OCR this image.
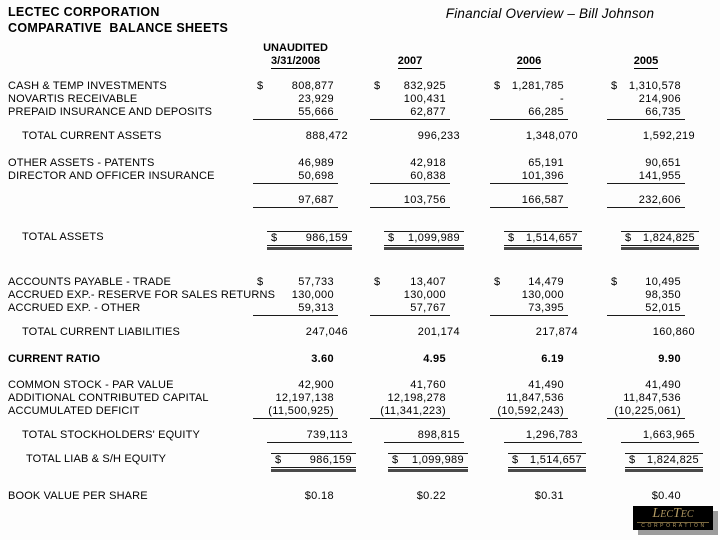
LECTEC CORPORATION
COMPARATIVE  BALANCE SHEETS
Financial Overview – Bill Johnson
UNAUDITED
3/31/2008	2007	2006	2005
CASH & TEMP INVESTMENTS	$	808,877	$ 832,925	$ 1,281,785	$ 1,310,578
NOVARTIS RECEIVABLE	23,929	100,431	-	214,906
PREPAID INSURANCE AND DEPOSITS	55,666	62,877	66,285	66,735
TOTAL CURRENT ASSETS	888,472	996,233	1,348,070	1,592,219
OTHER ASSETS - PATENTS	46,989	42,918	65,191	90,651
DIRECTOR AND OFFICER INSURANCE	50,698	60,838	101,396	141,955
97,687	103,756	166,587	232,606
TOTAL ASSETS	$	986,159	$ 1,099,989	$ 1,514,657	$ 1,824,825
ACCOUNTS PAYABLE - TRADE	$	57,733	$	13,407	$	14,479	$	10,495
ACCRUED EXP.- RESERVE FOR SALES RETURNS 130,000	130,000	130,000	98,350
ACCRUED EXP. - OTHER	59,313	57,767	73,395	52,015
TOTAL CURRENT LIABILITIES	247,046	201,174	217,874	160,860
CURRENT RATIO	3.60	4.95	6.19	9.90
COMMON STOCK - PAR VALUE	42,900	41,760	41,490	41,490
ADDITIONAL CONTRIBUTED CAPITAL	12,197,138	12,198,278	11,847,536	11,847,536
ACCUMULATED DEFICIT	(11,500,925)	(11,341,223)	(10,592,243)	(10,225,061)
TOTAL STOCKHOLDERS' EQUITY	739,113	898,815	1,296,783	1,663,965
TOTAL LIAB & S/H EQUITY	$	986,159	$ 1,099,989	$ 1,514,657	$ 1,824,825
BOOK VALUE PER SHARE	$0.18	$0.22	$0.31	$0.40
LECTEC
CORPORATION
